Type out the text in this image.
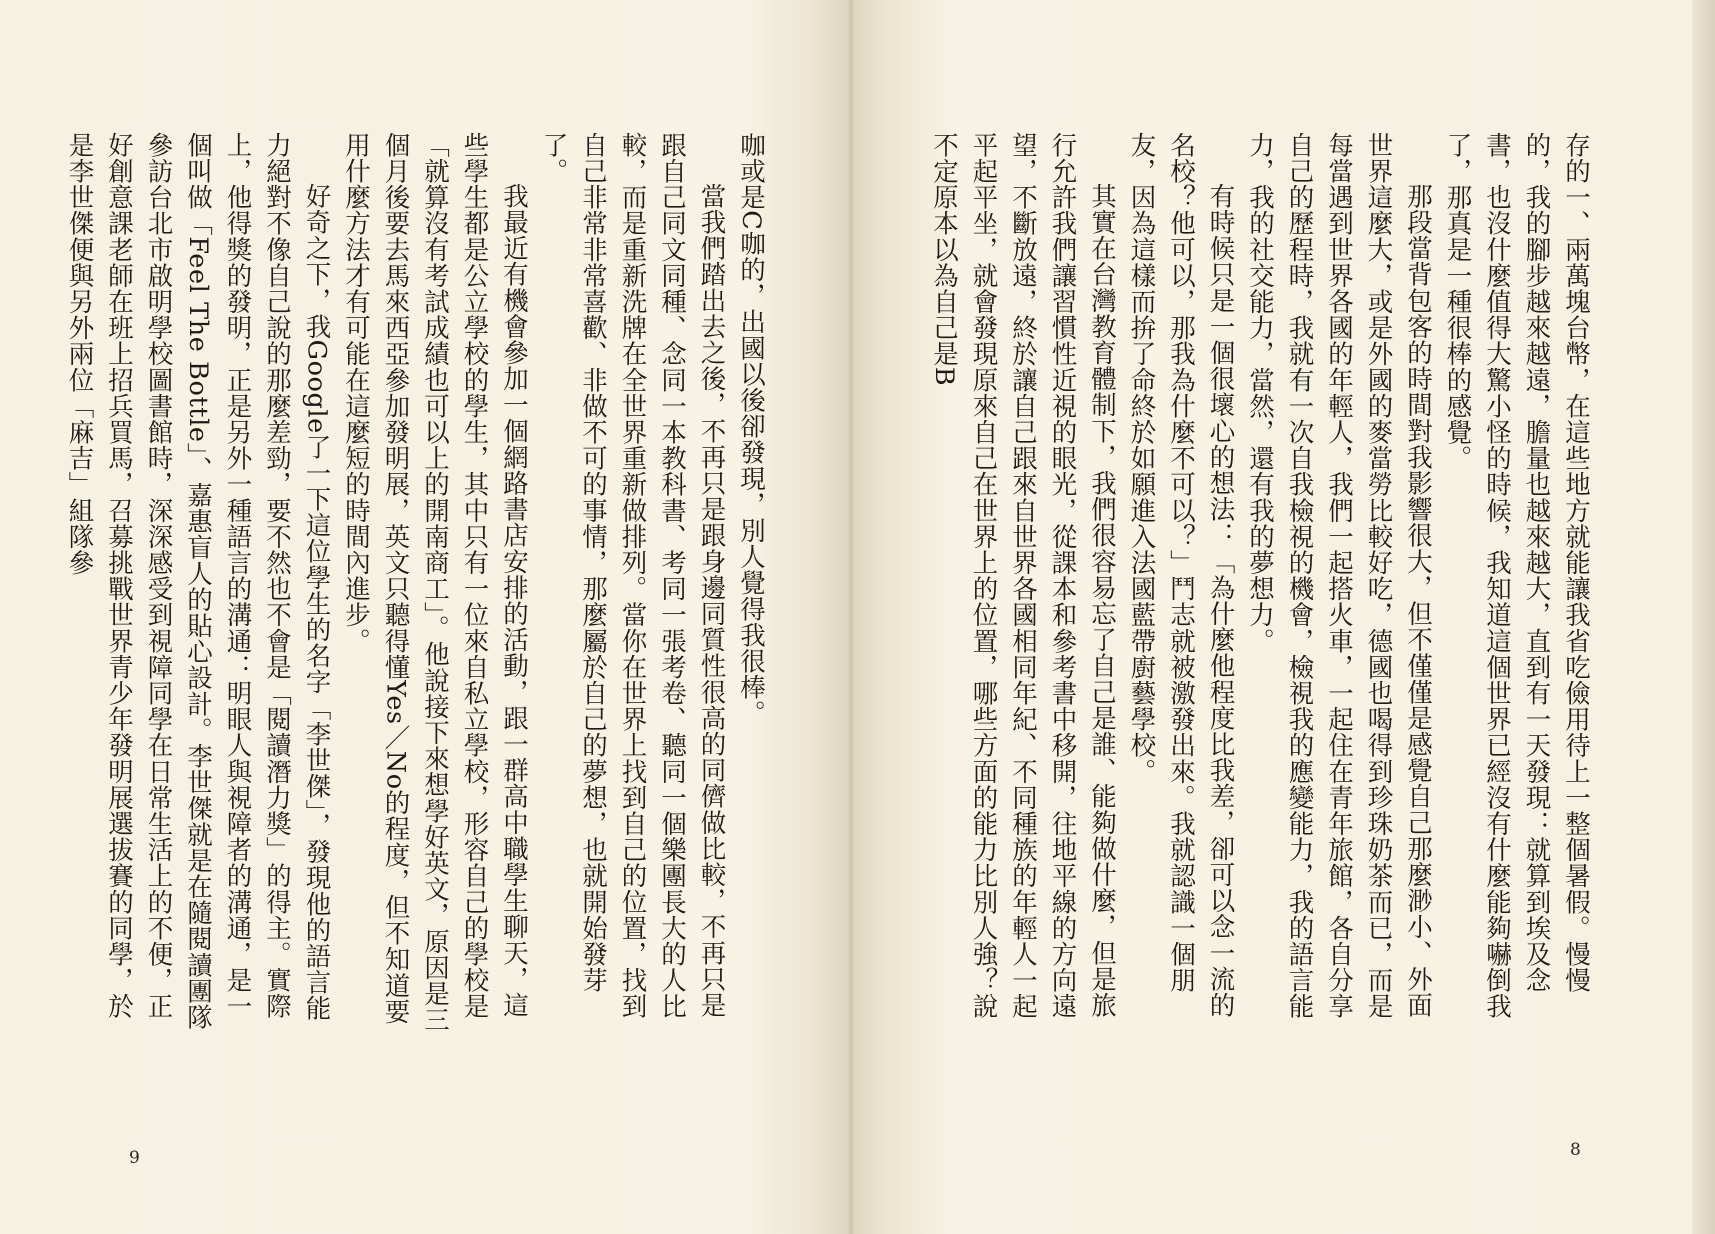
存的一、兩萬塊台幣，在這些地方就能讓我省吃儉用待上一整個暑假。慢慢的，我的腳步越來越遠，膽量也越來越大，直到有一天發現：就算到埃及念書，也沒什麼值得大驚小怪的時候，我知道這個世界已經沒有什麼能夠嚇倒我了，那真是一種很棒的感覺。

那段當背包客的時間對我影響很大，但不僅僅是感覺自己那麼渺小、外面世界這麼大，或是外國的麥當勞比較好吃，德國也喝得到珍珠奶茶而已，而是每當遇到世界各國的年輕人，我們一起搭火車，一起住在青年旅館，各自分享自己的歷程時，我就有一次自我檢視的機會，檢視我的應變能力，我的語言能力，我的社交能力，當然，還有我的夢想力。

有時候只是一個很壞心的想法：「為什麼他程度比我差，卻可以念一流的名校？他可以，那我為什麼不可以？」鬥志就被激發出來。我就認識一個朋友，因為這樣而拚了命終於如願進入法國藍帶廚藝學校。

其實在台灣教育體制下，我們很容易忘了自己是誰、能夠做什麼，但是旅行允許我們讓習慣性近視的眼光，從課本和參考書中移開，往地平線的方向遠望，不斷放遠，終於讓自己跟來自世界各國相同年紀、不同種族的年輕人一起平起平坐，就會發現原來自己在世界上的位置，哪些方面的能力比別人強？說不定原本以為自己是B

咖或是C咖的，出國以後卻發現，別人覺得我很棒。

當我們踏出去之後，不再只是跟身邊同質性很高的同儕做比較，不再只是跟自己同文同種、念同一本教科書、考同一張考卷、聽同一個樂團長大的人比較，而是重新洗牌在全世界重新做排列。當你在世界上找到自己的位置，找到自己非常非常喜歡、非做不可的事情，那麼屬於自己的夢想，也就開始發芽了。

我最近有機會參加一個網路書店安排的活動，跟一群高中職學生聊天，這些學生都是公立學校的學生，其中只有一位來自私立學校，形容自己的學校是「就算沒有考試成績也可以上的開南商工」。他說接下來想學好英文，原因是三個月後要去馬來西亞參加發明展，英文只聽得懂Yes／No的程度，但不知道要用什麼方法才有可能在這麼短的時間內進步。

好奇之下，我Google了一下這位學生的名字「李世傑」，發現他的語言能力絕對不像自己說的那麼差勁，要不然也不會是「閱讀潛力獎」的得主。實際上，他得獎的發明，正是另外一種語言的溝通：明眼人與視障者的溝通，是一個叫做「Feel The Bottle」、嘉惠盲人的貼心設計。李世傑就是在隨閱讀團隊參訪台北市啟明學校圖書館時，深深感受到視障同學在日常生活上的不便，正好創意課老師在班上招兵買馬，召募挑戰世界青少年發明展選拔賽的同學，於是李世傑便與另外兩位「麻吉」組隊參

9	8
